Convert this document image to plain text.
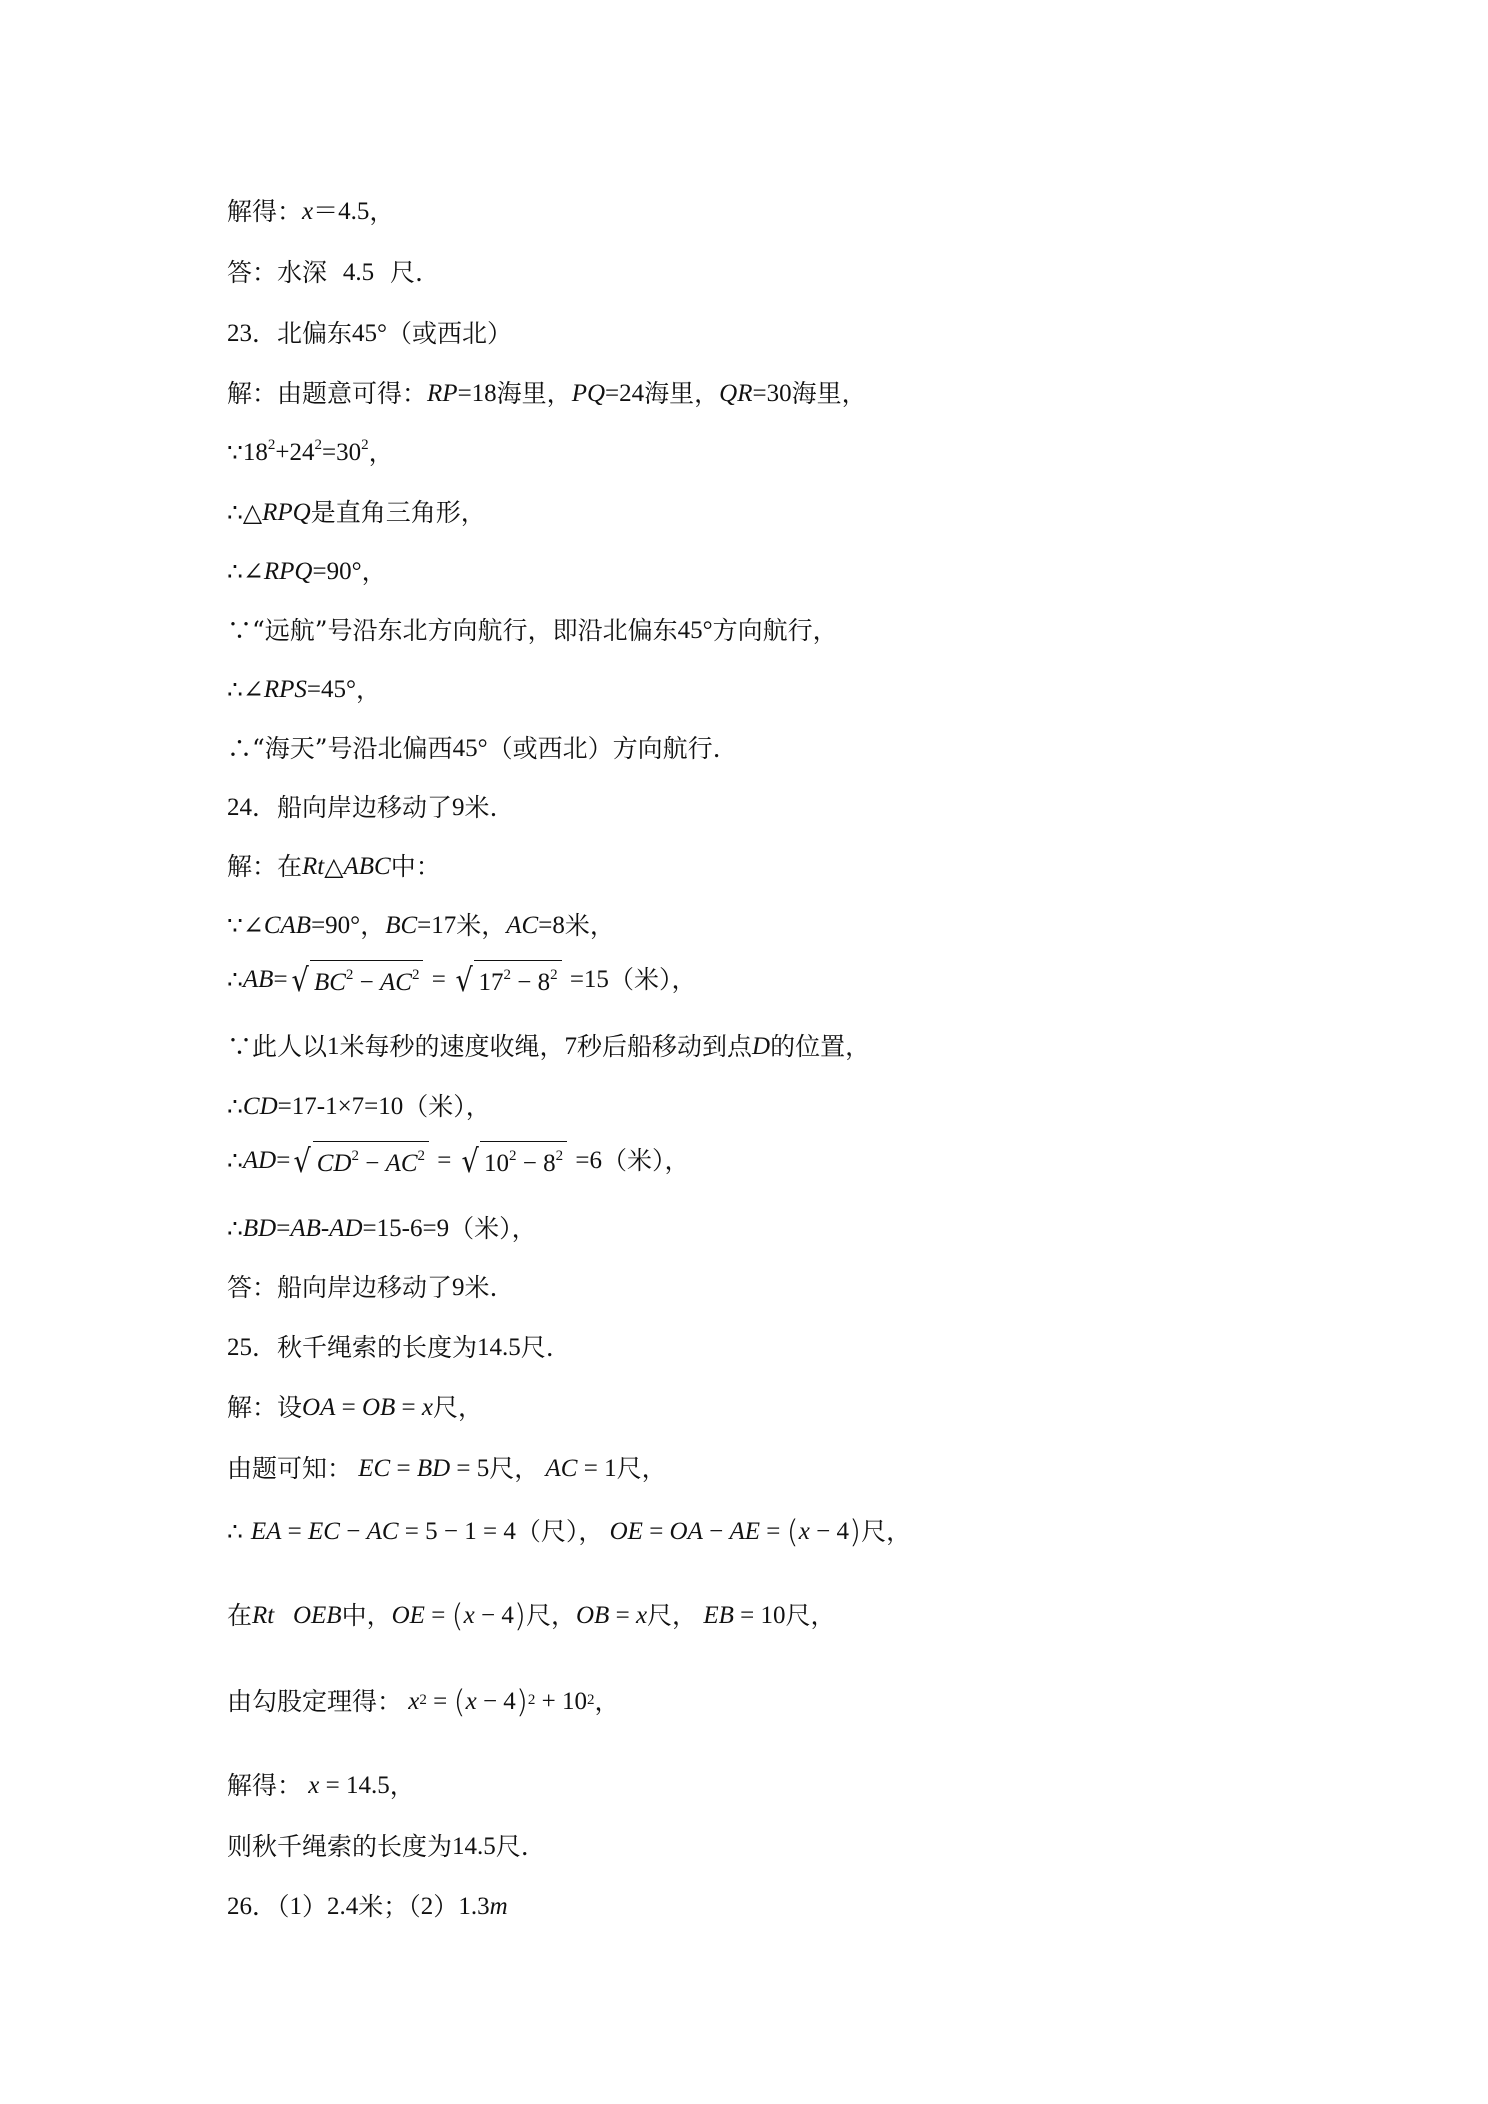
解得： x ＝4.5 ，

答：水深 4.5 尺.

23 ．北偏东 45° （或西北）

解：由题意可得： RP =18 海里， PQ =24 海里， QR =30 海里，

∵ $18^2+24^2=30^2$ ，

∴△ RPQ 是直角三角形，

∴∠ RPQ =90° ，

∵“远航”号沿东北方向航行，即沿北偏东 45° 方向航行，

∴∠ RPS =45° ，

∴“海天”号沿北偏西 45° （或西北）方向航行.

24 ．船向岸边移动了 9 米.

解：在 Rt △ ABC 中：

∵∠ CAB =90° ， BC =17 米， AC =8 米，

∴ AB = √ $BC^2 - AC^2$ = √ $17^2 - 8^2 =15$ （米），

∵此人以 1 米每秒的速度收绳， 7 秒后船移动到点 D 的位置，

∴ CD =17-1×7=10 （米），

∴ AD = √ $CD^2 - AC^2$ = √ $10^2 - 8^2 =6$ （米），

∴ BD = AB - AD =15-6=9 （米），

答：船向岸边移动了 9 米.

25 ．秋千绳索的长度为 14.5 尺.

解：设 OA = OB = x 尺，

由题可知： EC = BD = 5 尺， AC = 1 尺，

∴ EA = EC − AC = 5 − 1 = 4 （尺）， OE = OA − AE = ( x − 4 ) 尺，

在 Rt   OEB 中， OE = ( x − 4 ) 尺， OB = x 尺， EB = 10 尺，

由勾股定理得： $x^2$ = ( x − 4 )$^2 + 10^2$ ，

解得： x = 14.5 ，

则秋千绳索的长度为 14.5 尺.

26 ．（ 1 ） 2.4 米；（ 2 ） 1.3 m
